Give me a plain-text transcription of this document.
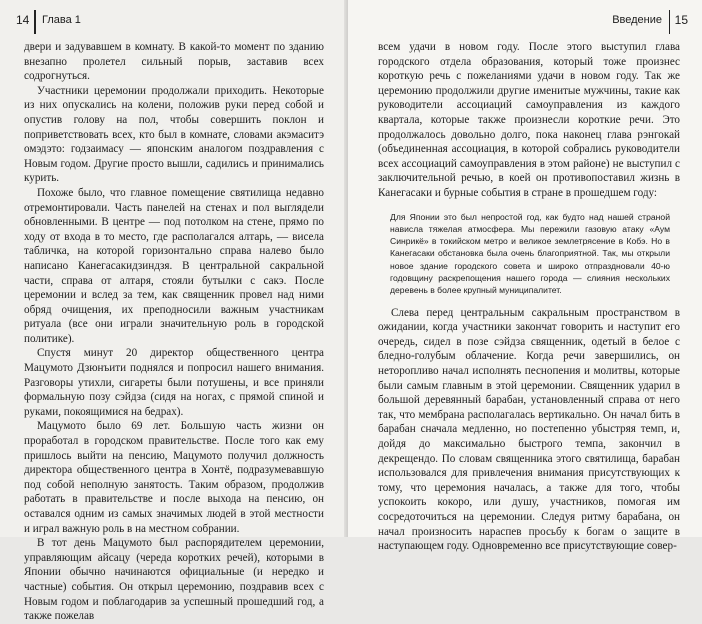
14 Глава 1

двери и задувавшем в комнату. В какой-то момент по зданию внезапно пролетел сильный порыв, заставив всех содрогнуться.

Участники церемонии продолжали приходить. Некоторые из них опускались на колени, положив руки перед собой и опустив голову на пол, чтобы совершить поклон и поприветствовать всех, кто был в комнате, словами акэмаситэ омэдэто: годзаимасу — японским аналогом поздравления с Новым годом. Другие просто вышли, садились и принимались курить.

Похоже было, что главное помещение святилища недавно отремонтировали. Часть панелей на стенах и пол выглядели обновленными. В центре — под потолком на стене, прямо по ходу от входа в то место, где располагался алтарь, — висела табличка, на которой горизонтально справа налево было написано Канегасакидзиндзя. В центральной сакральной части, справа от алтаря, стояли бутылки с сакэ. После церемонии и вслед за тем, как священник провел над ними обряд очищения, их преподносили важным участникам ритуала (все они играли значительную роль в городской политике).

Спустя минут 20 директор общественного центра Мацумото Дзюнъити поднялся и попросил нашего внимания. Разговоры утихли, сигареты были потушены, и все приняли формальную позу сэйдза (сидя на ногах, с прямой спиной и руками, покоящимися на бедрах).

Мацумото было 69 лет. Большую часть жизни он проработал в городском правительстве. После того как ему пришлось выйти на пенсию, Мацумото получил должность директора общественного центра в Хонтё, подразумевавшую под собой неполную занятость. Таким образом, продолжив работать в правительстве и после выхода на пенсию, он оставался одним из самых значимых людей в этой местности и играл важную роль в на местном собрании.

В тот день Мацумото был распорядителем церемонии, управляющим айсацу (череда коротких речей), которыми в Японии обычно начинаются официальные (и нередко и частные) события. Он открыл церемонию, поздравив всех с Новым годом и поблагодарив за успешный прошедший год, а также пожелав

Введение 15

всем удачи в новом году. После этого выступил глава городского отдела образования, который тоже произнес короткую речь с пожеланиями удачи в новом году. Так же церемонию продолжили другие именитые мужчины, такие как руководители ассоциаций самоуправления из каждого квартала, которые также произнесли короткие речи. Это продолжалось довольно долго, пока наконец глава рэнгокай (объединенная ассоциация, в которой собрались руководители всех ассоциаций самоуправления в этом районе) не выступил с заключительной речью, в коей он противопоставил жизнь в Канегасаки и бурные события в стране в прошедшем году:

Для Японии это был непростой год, как будто над нашей страной нависла тяжелая атмосфера. Мы пережили газовую атаку «Аум Синрикё» в токийском метро и великое землетрясение в Кобэ. Но в Канегасаки обстановка была очень благоприятной. Так, мы открыли новое здание городского совета и широко отпраздновали 40-ю годовщину раскрепощения нашего города — слияния нескольких деревень в более крупный муниципалитет.

Слева перед центральным сакральным пространством в ожидании, когда участники закончат говорить и наступит его очередь, сидел в позе сэйдза священник, одетый в белое с бледно-голубым облачение. Когда речи завершились, он неторопливо начал исполнять песнопения и молитвы, которые были самым главным в этой церемонии. Священник ударил в большой деревянный барабан, установленный справа от него так, что мембрана располагалась вертикально. Он начал бить в барабан сначала медленно, но постепенно убыстряя темп, и, дойдя до максимально быстрого темпа, закончил в декрещендо. По словам священника этого святилища, барабан использовался для привлечения внимания присутствующих к тому, что церемония началась, а также для того, чтобы успокоить кокоро, или душу, участников, помогая им сосредоточиться на церемонии. Следуя ритму барабана, он начал произносить нараспев просьбу к богам о защите в наступающем году. Одновременно все присутствующие совер-
